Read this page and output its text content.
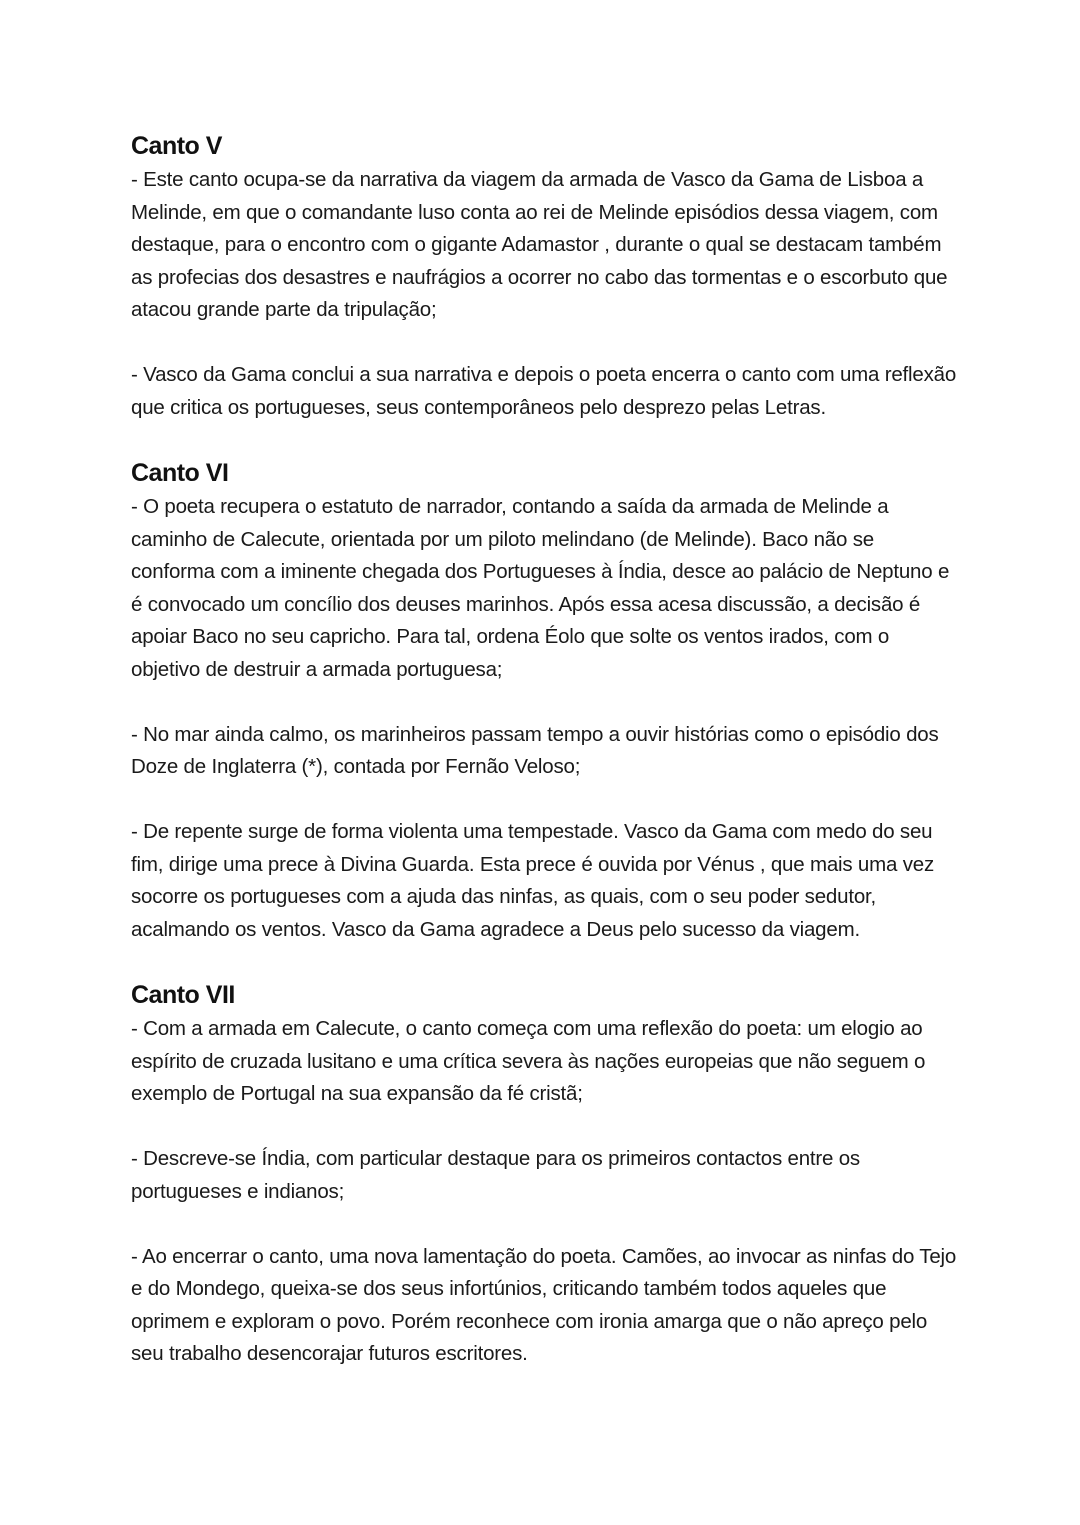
Canto V

- Este canto ocupa-se da narrativa da viagem da armada de Vasco da Gama de Lisboa a Melinde, em que o comandante luso conta ao rei de Melinde episódios dessa viagem, com destaque, para o encontro com o gigante Adamastor , durante o qual se destacam também as profecias dos desastres e naufrágios a ocorrer no cabo das tormentas e o escorbuto que atacou grande parte da tripulação;

- Vasco da Gama conclui a sua narrativa e depois o poeta encerra o canto com uma reflexão que critica os portugueses, seus contemporâneos pelo desprezo pelas Letras.

Canto VI

- O poeta recupera o estatuto de narrador, contando a saída da armada de Melinde a caminho de Calecute, orientada por um piloto melindano (de Melinde). Baco não se conforma com a iminente chegada dos Portugueses à Índia, desce ao palácio de Neptuno e é convocado um concílio dos deuses marinhos. Após essa acesa discussão, a decisão é apoiar Baco no seu capricho. Para tal, ordena Éolo que solte os ventos irados, com o objetivo de destruir a armada portuguesa;

- No mar ainda calmo, os marinheiros passam tempo a ouvir histórias como o episódio dos Doze de Inglaterra (*), contada por Fernão Veloso;

- De repente surge de forma violenta uma tempestade. Vasco da Gama com medo do seu fim, dirige uma prece à Divina Guarda. Esta prece é ouvida por Vénus , que mais uma vez socorre os portugueses com a ajuda das ninfas, as quais, com o seu poder sedutor, acalmando os ventos. Vasco da Gama agradece a Deus pelo sucesso da viagem.

Canto VII

- Com a armada em Calecute, o canto começa com uma reflexão do poeta: um elogio ao espírito de cruzada lusitano e uma crítica severa às nações europeias que não seguem o exemplo de Portugal na sua expansão da fé cristã;

- Descreve-se Índia, com particular destaque para os primeiros contactos entre os portugueses e indianos;

- Ao encerrar o canto, uma nova lamentação do poeta. Camões, ao invocar as ninfas do Tejo e do Mondego, queixa-se dos seus infortúnios, criticando também todos aqueles que oprimem e exploram o povo. Porém reconhece com ironia amarga que o não apreço pelo seu trabalho desencorajar futuros escritores.
